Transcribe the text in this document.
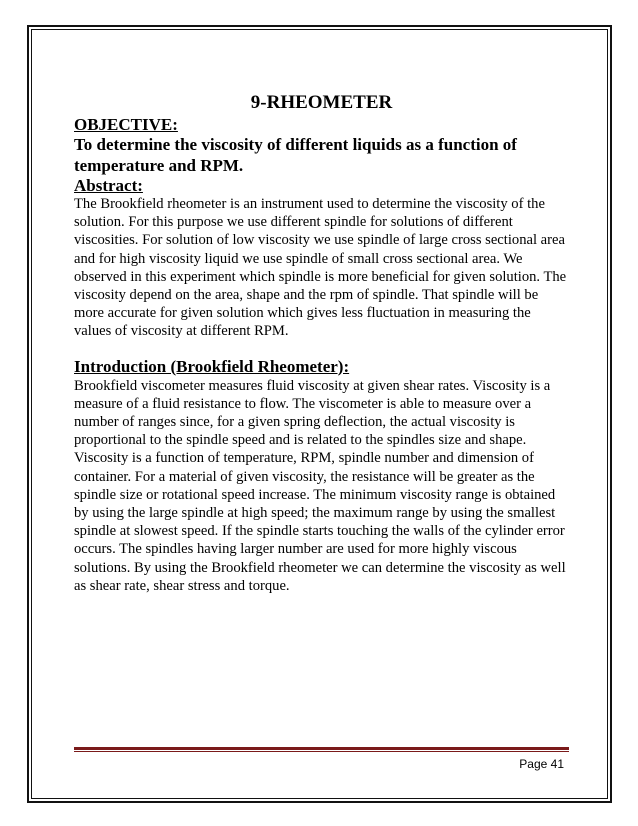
9-RHEOMETER
OBJECTIVE:

To determine the viscosity of different liquids as a function of temperature and RPM.

Abstract:

The Brookfield rheometer is an instrument used to determine the viscosity of the solution. For this purpose we use different spindle for solutions of different viscosities. For solution of low viscosity we use spindle of large cross sectional area and for high viscosity liquid we use spindle of small cross sectional area. We observed in this experiment which spindle is more beneficial for given solution. The viscosity depend on the area, shape and the rpm of spindle. That spindle will be more accurate for given solution which gives less fluctuation in measuring the values of viscosity at different RPM.

Introduction (Brookfield Rheometer):

Brookfield viscometer measures fluid viscosity at given shear rates. Viscosity is a measure of a fluid resistance to flow. The viscometer is able to measure over a number of ranges since, for a given spring deflection, the actual viscosity is proportional to the spindle speed and is related to the spindles size and shape. Viscosity is a function of temperature, RPM, spindle number and dimension of container. For a material of given viscosity, the resistance will be greater as the spindle size or rotational speed increase. The minimum viscosity range is obtained by using the large spindle at high speed; the maximum range by using the smallest spindle at slowest speed. If the spindle starts touching the walls of the cylinder error occurs. The spindles having larger number are used for more highly viscous solutions. By using the Brookfield rheometer we can determine the viscosity as well as shear rate, shear stress and torque.

Page 41
